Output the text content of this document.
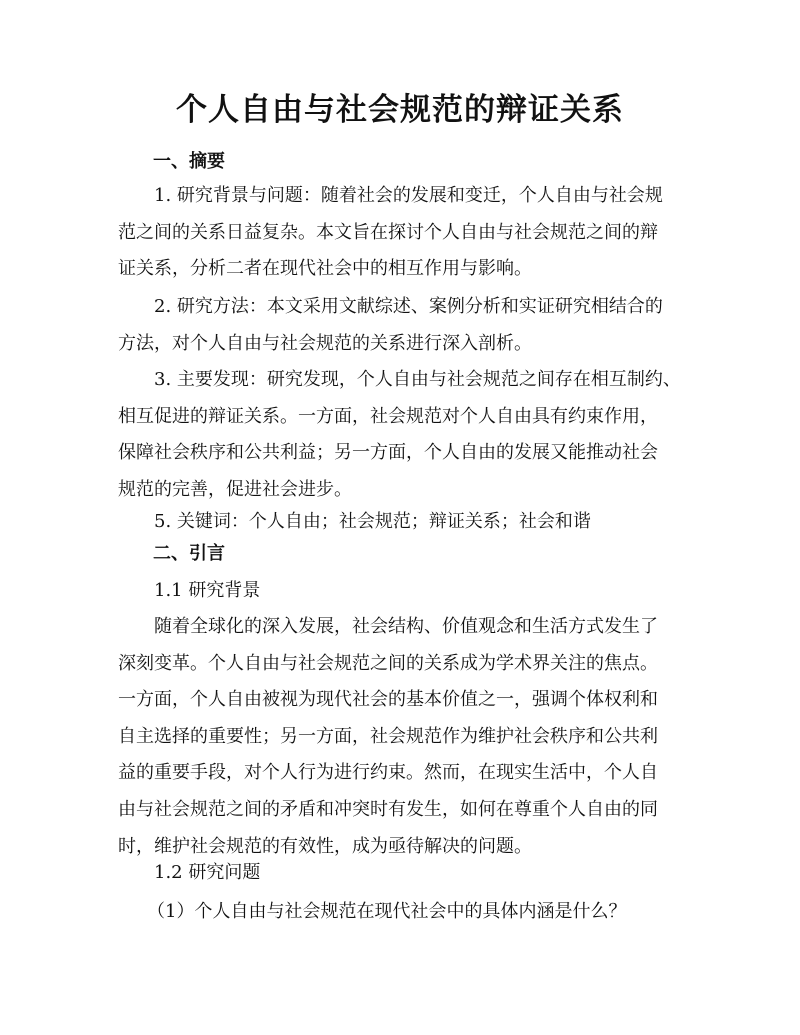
个人自由与社会规范的辩证关系
一、摘要
1. 研究背景与问题：随着社会的发展和变迁，个人自由与社会规
范之间的关系日益复杂。本文旨在探讨个人自由与社会规范之间的辩
证关系，分析二者在现代社会中的相互作用与影响。
2. 研究方法：本文采用文献综述、案例分析和实证研究相结合的
方法，对个人自由与社会规范的关系进行深入剖析。
3. 主要发现：研究发现，个人自由与社会规范之间存在相互制约、
相互促进的辩证关系。一方面，社会规范对个人自由具有约束作用，
保障社会秩序和公共利益；另一方面，个人自由的发展又能推动社会
规范的完善，促进社会进步。
5. 关键词：个人自由；社会规范；辩证关系；社会和谐
二、引言
1.1 研究背景
随着全球化的深入发展，社会结构、价值观念和生活方式发生了
深刻变革。个人自由与社会规范之间的关系成为学术界关注的焦点。
一方面，个人自由被视为现代社会的基本价值之一，强调个体权利和
自主选择的重要性；另一方面，社会规范作为维护社会秩序和公共利
益的重要手段，对个人行为进行约束。然而，在现实生活中，个人自
由与社会规范之间的矛盾和冲突时有发生，如何在尊重个人自由的同
时，维护社会规范的有效性，成为亟待解决的问题。
1.2 研究问题
（1）个人自由与社会规范在现代社会中的具体内涵是什么？
